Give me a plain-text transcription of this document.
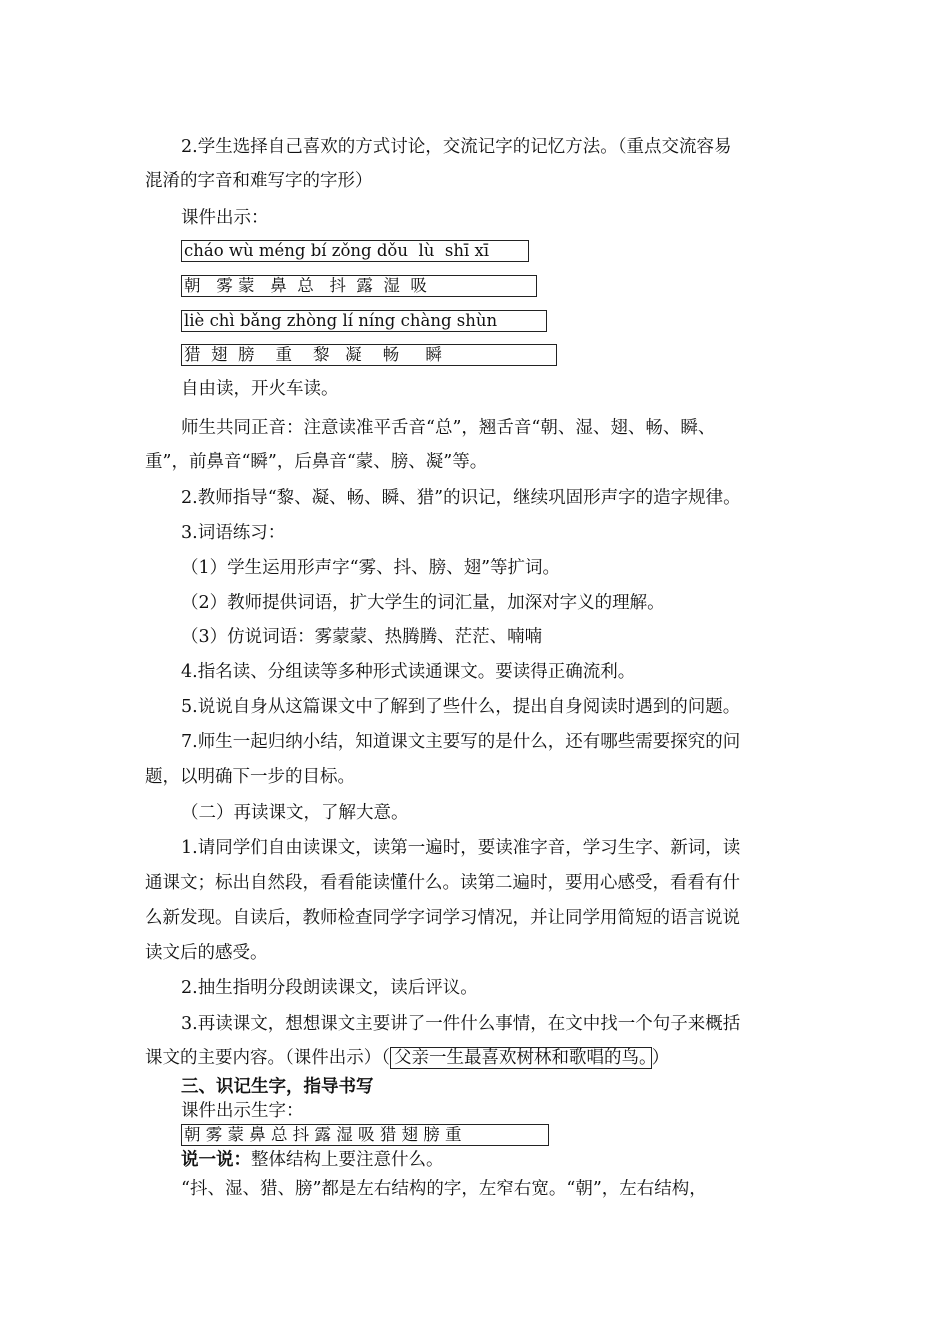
2.学生选择自己喜欢的方式讨论，交流记字的记忆方法。（重点交流容易
混淆的字音和难写字的字形）
课件出示：
cháo wù méng bí zǒng dǒu  lù  shī xī
朝   雾 蒙   鼻  总   抖  露  湿  吸
liè chì bǎng zhòng lí níng chàng shùn
猎  翅  膀    重    黎   凝    畅     瞬
自由读，开火车读。
师生共同正音：注意读准平舌音“总”，翘舌音“朝、湿、翅、畅、瞬、
重”，前鼻音“瞬”，后鼻音“蒙、膀、凝”等。
2.教师指导“黎、凝、畅、瞬、猎”的识记，继续巩固形声字的造字规律。
3.词语练习：
（1）学生运用形声字“雾、抖、膀、翅”等扩词。
（2）教师提供词语，扩大学生的词汇量，加深对字义的理解。
（3）仿说词语：雾蒙蒙、热腾腾、茫茫、喃喃
4.指名读、分组读等多种形式读通课文。要读得正确流利。
5.说说自身从这篇课文中了解到了些什么，提出自身阅读时遇到的问题。
7.师生一起归纳小结，知道课文主要写的是什么，还有哪些需要探究的问
题，以明确下一步的目标。
（二）再读课文，了解大意。
1.请同学们自由读课文，读第一遍时，要读准字音，学习生字、新词，读
通课文；标出自然段，看看能读懂什么。读第二遍时，要用心感受，看看有什
么新发现。自读后，教师检查同学字词学习情况，并让同学用简短的语言说说
读文后的感受。
2.抽生指明分段朗读课文，读后评议。
3.再读课文，想想课文主要讲了一件什么事情，在文中找一个句子来概括
课文的主要内容。（课件出示）（ 父亲一生最喜欢树林和歌唱的鸟。 ）
三、识记生字，指导书写
课件出示生字：
朝 雾 蒙 鼻 总 抖 露 湿 吸 猎 翅 膀 重
说一说：整体结构上要注意什么。
“抖、湿、猎、膀”都是左右结构的字，左窄右宽。“朝”，左右结构，
